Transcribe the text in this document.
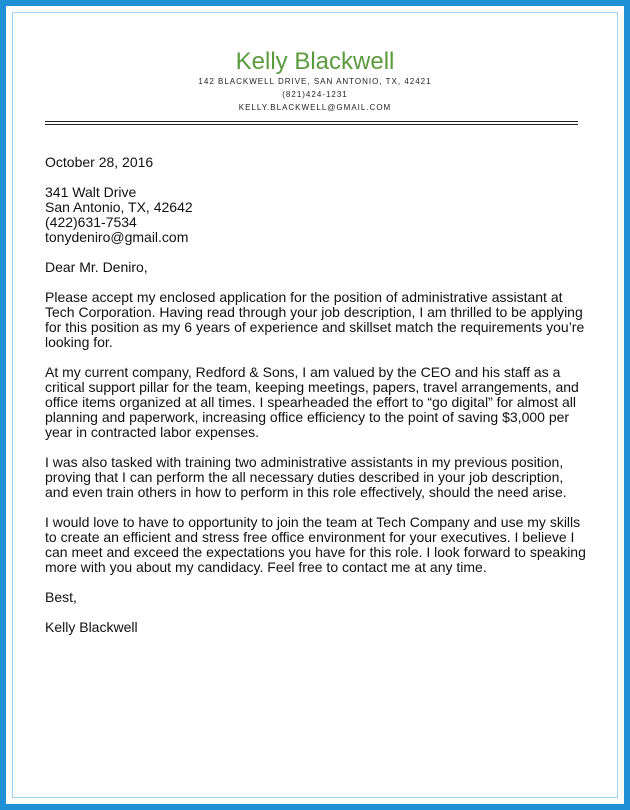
Kelly Blackwell
142 BLACKWELL DRIVE, SAN ANTONIO, TX, 42421
(821)424-1231
KELLY.BLACKWELL@GMAIL.COM

October 28, 2016

341 Walt Drive
San Antonio, TX, 42642
(422)631-7534
tonydeniro@gmail.com

Dear Mr. Deniro,

Please accept my enclosed application for the position of administrative assistant at
Tech Corporation. Having read through your job description, I am thrilled to be applying
for this position as my 6 years of experience and skillset match the requirements you’re
looking for.
At my current company, Redford & Sons, I am valued by the CEO and his staff as a
critical support pillar for the team, keeping meetings, papers, travel arrangements, and
office items organized at all times. I spearheaded the effort to “go digital” for almost all
planning and paperwork, increasing office efficiency to the point of saving $3,000 per
year in contracted labor expenses.
I was also tasked with training two administrative assistants in my previous position,
proving that I can perform the all necessary duties described in your job description,
and even train others in how to perform in this role effectively, should the need arise.
I would love to have to opportunity to join the team at Tech Company and use my skills
to create an efficient and stress free office environment for your executives. I believe I
can meet and exceed the expectations you have for this role. I look forward to speaking
more with you about my candidacy. Feel free to contact me at any time.

Best,

Kelly Blackwell
